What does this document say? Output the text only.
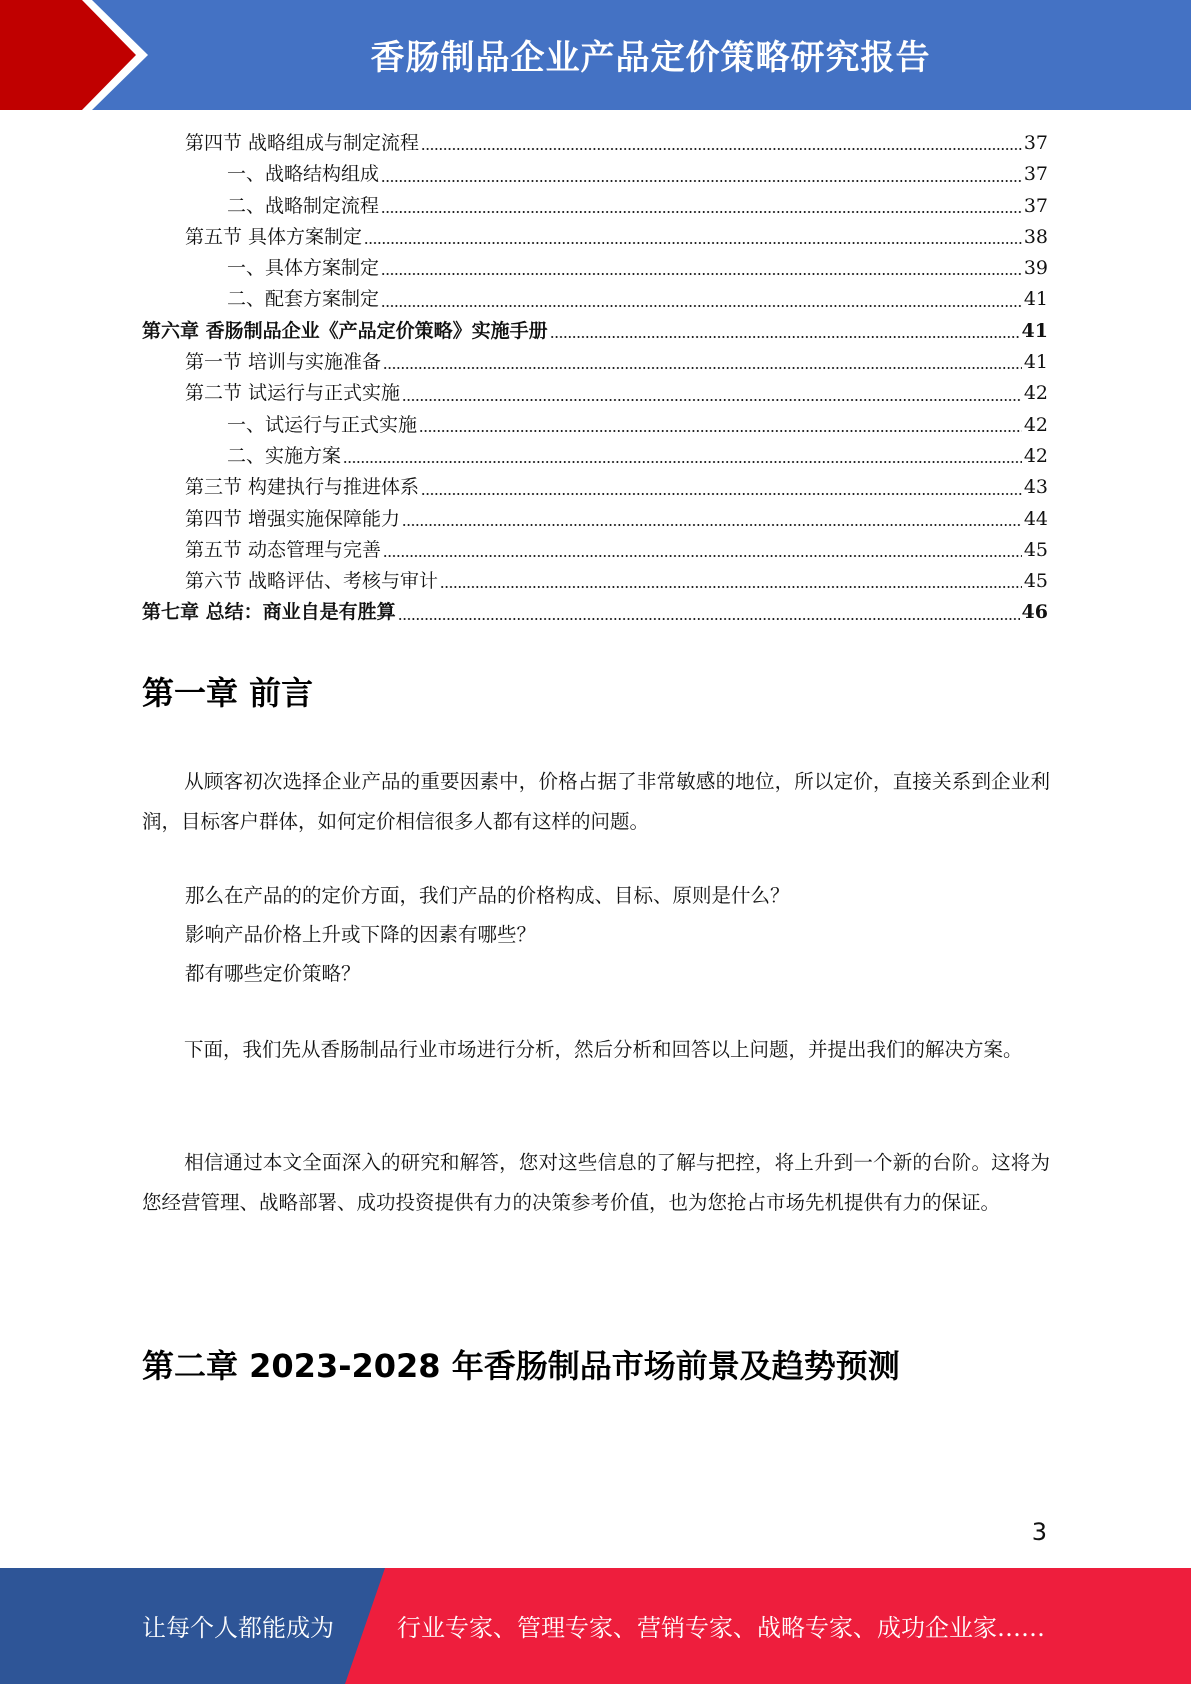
香肠制品企业产品定价策略研究报告
第四节 战略组成与制定流程	37
一、战略结构组成	37
二、战略制定流程	37
第五节 具体方案制定	38
一、具体方案制定	39
二、配套方案制定	41
第六章 香肠制品企业《产品定价策略》实施手册	41
第一节 培训与实施准备	41
第二节 试运行与正式实施	42
一、试运行与正式实施	42
二、实施方案	42
第三节 构建执行与推进体系	43
第四节 增强实施保障能力	44
第五节 动态管理与完善	45
第六节 战略评估、考核与审计	45
第七章 总结：商业自是有胜算	46
第一章 前言
从顾客初次选择企业产品的重要因素中，价格占据了非常敏感的地位，所以定价，直接关系到企业利润，目标客户群体，如何定价相信很多人都有这样的问题。
那么在产品的的定价方面，我们产品的价格构成、目标、原则是什么？
影响产品价格上升或下降的因素有哪些？
都有哪些定价策略？
下面，我们先从香肠制品行业市场进行分析，然后分析和回答以上问题，并提出我们的解决方案。
相信通过本文全面深入的研究和解答，您对这些信息的了解与把控，将上升到一个新的台阶。这将为您经营管理、战略部署、成功投资提供有力的决策参考价值，也为您抢占市场先机提供有力的保证。
第二章 2023-2028 年香肠制品市场前景及趋势预测
3
让每个人都能成为	行业专家、管理专家、营销专家、战略专家、成功企业家……
